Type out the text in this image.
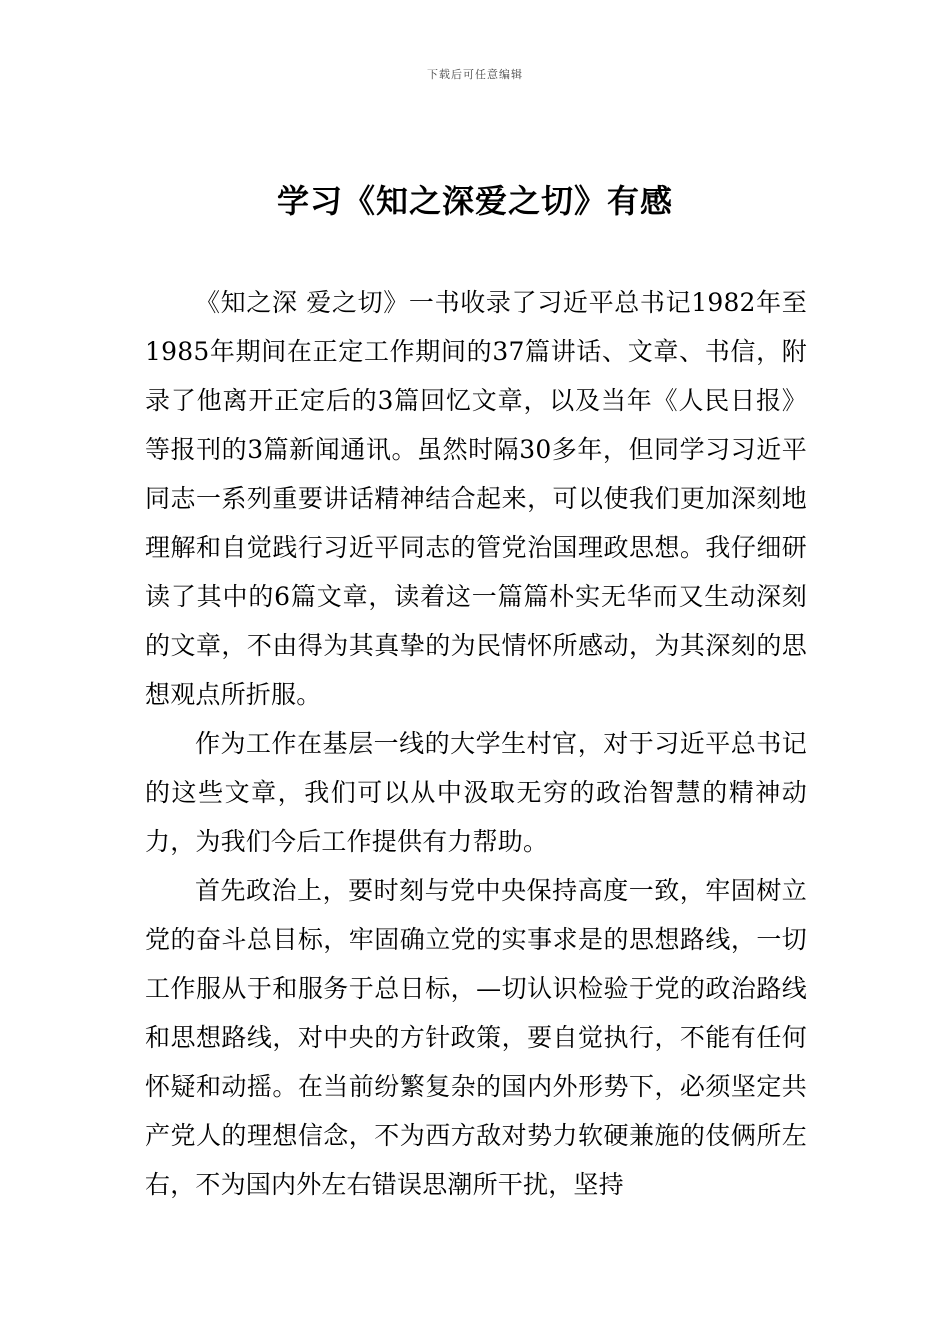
下载后可任意编辑
学习《知之深爱之切》有感

《知之深 爱之切》一书收录了习近平总书记1982年至1985年期间在正定工作期间的37篇讲话、文章、书信，附录了他离开正定后的3篇回忆文章，以及当年《人民日报》等报刊的3篇新闻通讯。虽然时隔30多年，但同学习习近平同志一系列重要讲话精神结合起来，可以使我们更加深刻地理解和自觉践行习近平同志的管党治国理政思想。我仔细研读了其中的6篇文章，读着这一篇篇朴实无华而又生动深刻的文章，不由得为其真挚的为民情怀所感动，为其深刻的思想观点所折服。

作为工作在基层一线的大学生村官，对于习近平总书记的这些文章，我们可以从中汲取无穷的政治智慧的精神动力，为我们今后工作提供有力帮助。

首先政治上，要时刻与党中央保持高度一致，牢固树立党的奋斗总目标，牢固确立党的实事求是的思想路线，一切工作服从于和服务于总日标，—切认识检验于党的政治路线和思想路线，对中央的方针政策，要自觉执行，不能有任何怀疑和动摇。在当前纷繁复杂的国内外形势下，必须坚定共产党人的理想信念，不为西方敌对势力软硬兼施的伎俩所左右，不为国内外左右错误思潮所干扰，坚持
